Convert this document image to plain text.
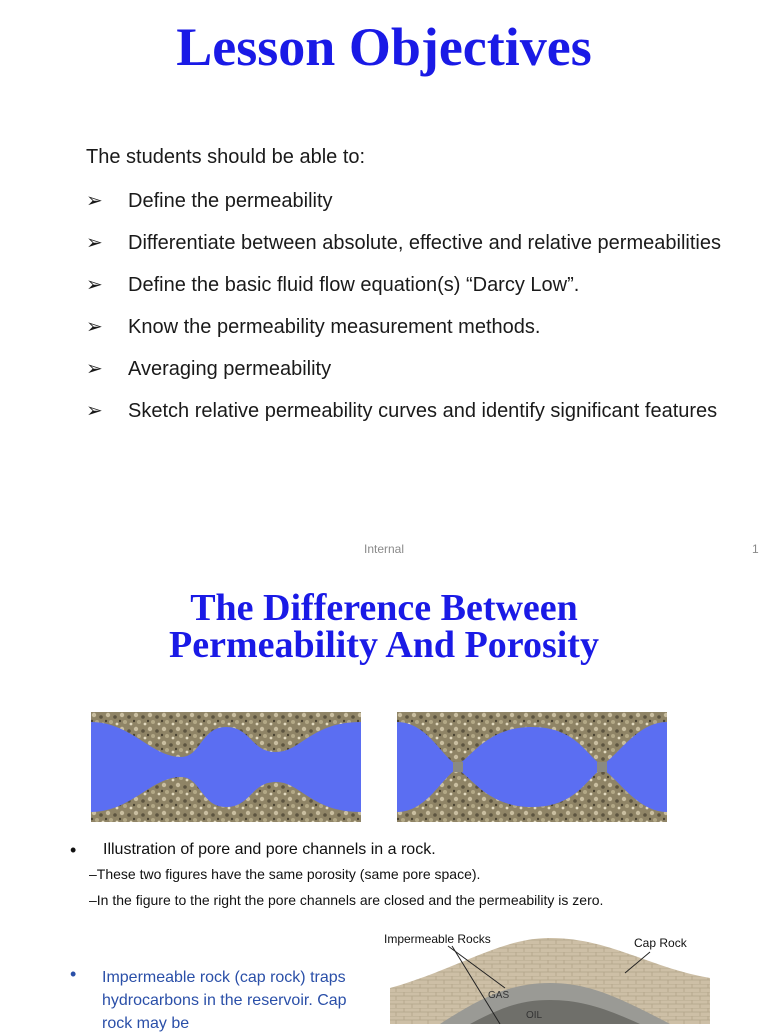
Lesson Objectives
The students should be able to:
➢ Define the permeability
➢ Differentiate between absolute, effective and relative permeabilities
➢ Define the basic fluid flow equation(s) “Darcy Low”.
➢ Know the permeability measurement methods.
➢ Averaging permeability
➢ Sketch relative permeability curves and identify significant features
Internal	1
The Difference Between
Permeability And Porosity
• Illustration of pore and pore channels in a rock.
–These two figures have the same porosity (same pore space).
–In the figure to the right the pore channels are closed and the permeability is zero.
• Impermeable rock (cap rock) traps hydrocarbons in the reservoir. Cap rock may be
Impermeable Rocks	Cap Rock
GAS
OIL
